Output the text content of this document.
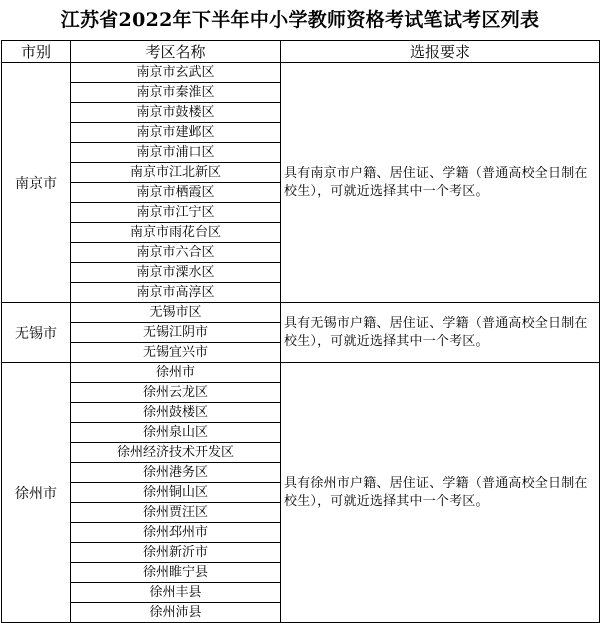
江苏省2022年下半年中小学教师资格考试笔试考区列表
市别	考区名称	选报要求
南京市	南京市玄武区	具有南京市户籍、居住证、学籍（普通高校全日制在校生），可就近选择其中一个考区。
	南京市秦淮区	
	南京市鼓楼区	
	南京市建邺区	
	南京市浦口区	
	南京市江北新区	
	南京市栖霞区	
	南京市江宁区	
	南京市雨花台区	
	南京市六合区	
	南京市溧水区	
	南京市高淳区	
无锡市	无锡市区	具有无锡市户籍、居住证、学籍（普通高校全日制在校生），可就近选择其中一个考区。
	无锡江阴市	
	无锡宜兴市	
徐州市	徐州市	具有徐州市户籍、居住证、学籍（普通高校全日制在校生），可就近选择其中一个考区。
	徐州云龙区	
	徐州鼓楼区	
	徐州泉山区	
	徐州经济技术开发区	
	徐州港务区	
	徐州铜山区	
	徐州贾汪区	
	徐州邳州市	
	徐州新沂市	
	徐州睢宁县	
	徐州丰县	
	徐州沛县	
